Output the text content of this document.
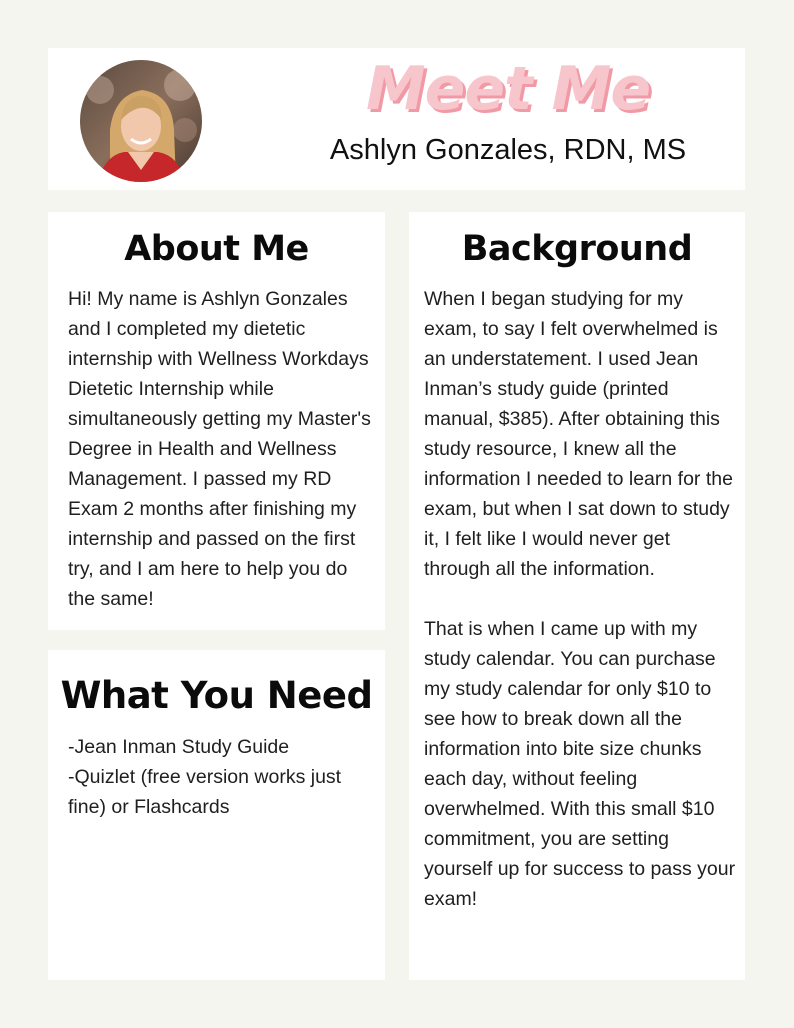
Meet Me
Ashlyn Gonzales, RDN, MS
About Me
Hi! My name is Ashlyn Gonzales and I completed my dietetic internship with Wellness Workdays Dietetic Internship while simultaneously getting my Master's Degree in Health and Wellness Management. I passed my RD Exam 2 months after finishing my internship and passed on the first try, and I am here to help you do the same!
What You Need
-Jean Inman Study Guide
-Quizlet (free version works just fine) or Flashcards
Background

When I began studying for my exam, to say I felt overwhelmed is an understatement. I used Jean Inman’s study guide (printed manual, $385). After obtaining this study resource, I knew all the information I needed to learn for the exam, but when I sat down to study it, I felt like I would never get through all the information.

That is when I came up with my study calendar. You can purchase my study calendar for only $10 to see how to break down all the information into bite size chunks each day, without feeling overwhelmed. With this small $10 commitment, you are setting yourself up for success to pass your exam!
